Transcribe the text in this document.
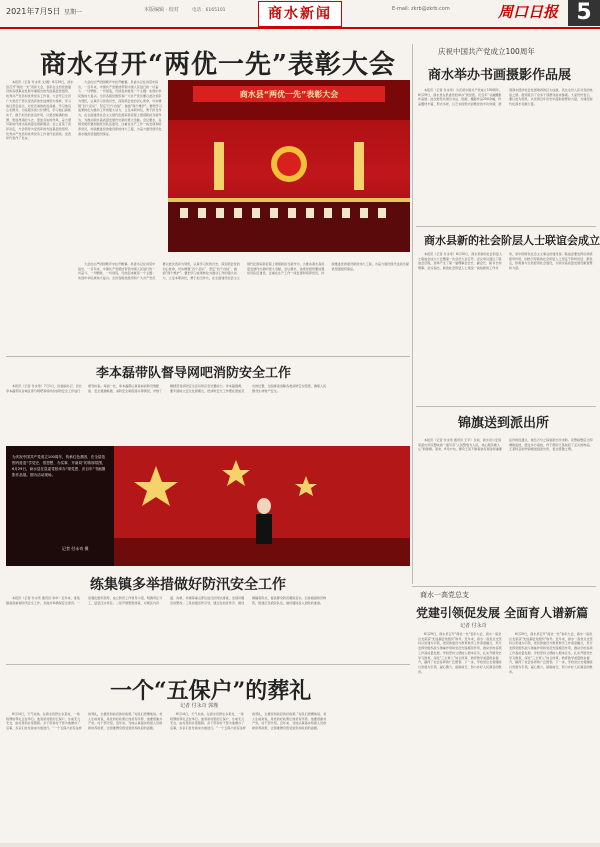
2021年7月5日 星期一	本版编辑 · 校对	电话：6165101	商水新闻	E-mail: zkrb@zkrb.com	周口日报 5
商水召开“两优一先”表彰大会

本报讯（记者 付永奇 文/图）6月29日，商水县召开“两优一先”表彰大会，表彰在全县党的建设和各项事业发展中涌现出的先进基层党组织、优秀共产党员和优秀党务工作者。大会号召全县广大党员干部以受表彰的先进典型为榜样，学习他们坚定信念、对党忠诚的政治品格，学习他们心系群众、为民服务的公仆情怀，学习他们真抓实干、敢于担当的优良作风，以更加饱满的热情、更加昂扬的斗志、更加务实的作风，奋力谱写新时代商水高质量发展新篇章。会上宣读了表彰决定，与会领导为受表彰的先进基层党组织、优秀共产党员和优秀党务工作者代表颁奖。受表彰代表作了发言。

大会在庄严的国歌声中拉开帷幕。县委书记在讲话中指出，一百年来，中国共产党团结带领中国人民进行的一切奋斗、一切牺牲、一切创造，归结起来就是一个主题：实现中华民族伟大复兴。全县各级党组织和广大共产党员要以此次表彰为契机，认真学习党的历史，深刻领会党的初心使命，切实增强“四个意识”、坚定“四个自信”、做到“两个维护”。要把学习成果转化为推动工作的强大动力，立足本职岗位，勇于担当作为，在全面建设社会主义现代化国家新征程上展现新担当新作为，为推动商水高质量发展作出新的更大贡献。会议要求，各级党组织要加强党员队伍建设，注重在生产工作一线发现和培养党员，持续推进党的建设新的伟大工程，为奋力建设现代化商水提供坚强组织保证。

商水县“两优一先”表彰大会

大会在庄严的国歌声中拉开帷幕。县委书记在讲话中指出，一百年来，中国共产党团结带领中国人民进行的一切奋斗、一切牺牲、一切创造，归结起来就是一个主题：实现中华民族伟大复兴。全县各级党组织和广大共产党员要以此次表彰为契机，认真学习党的历史，深刻领会党的初心使命，切实增强“四个意识”、坚定“四个自信”、做到“两个维护”。要把学习成果转化为推动工作的强大动力，立足本职岗位，勇于担当作为，在全面建设社会主义现代化国家新征程上展现新担当新作为，为推动商水高质量发展作出新的更大贡献。会议要求，各级党组织要加强党员队伍建设，注重在生产工作一线发现和培养党员，持续推进党的建设新的伟大工程，为奋力建设现代化商水提供坚强组织保证。

李本磊带队督导网吧消防安全工作

本报讯（记者 付永奇）7月1日，县委副书记、县长李本磊带队对城区部分网吧等场所的消防安全工作进行督导检查。每到一处，李本磊都认真查看消防设施配备、安全通道畅通、消防安全制度落实等情况，详细了解经营者消防安全意识和应急处置能力。李本磊强调，要牢固树立安全发展理念，把消防安全工作摆在更加突出的位置，全面排查消除各类消防安全隐患，确保人民群众生命财产安全。

为庆祝中国共产党成立100周年，传承红色基因，在全县范围内营造“学党史、悟思想、办实事、开新局”的浓厚氛围，6月29日，商水县在县委党校举办“颂党恩、庆百年”书画摄影作品展。图为活动现场。
记者 付永奇 摄
练集镇多举措做好防汛安全工作

本报讯（记者 付永奇 通讯员 李卓）近年来，练集镇高度重视防汛安全工作，多措并举确保安全度汛。一是强化组织领导，成立防汛工作领导小组，明确责任分工，层层压实责任。二是开展隐患排查，对辖区内河道、沟渠、坑塘等重点部位进行拉网式排查，发现问题及时整改。三是加强宣传引导，通过发放宣传页、悬挂横幅等形式，提高群众防汛避险意识。四是储备防汛物资，组建应急抢险队伍，做好随时投入抢险的准备。

一个“五保户”的葬礼
记者 付永奇 郭瑾

6月14日，天气炎热。在商水县舒庄乡某村，一场特殊的葬礼正在举行。逝者是村里的五保户，生前无儿无女，由村里和乡里照顾。乡干部和村干部为他操办了后事，乡亲们自发前来为他送行。“一个五保户能有这样的葬礼，全靠党和政府的好政策。”村民们感慨地说。老人生前常说，是党的好政策让他老有所养，他要感谢共产党。村干部介绍，近年来，当地认真落实特困人员救助供养政策，让困难群众感受到党和政府的温暖。

6月14日，天气炎热。在商水县舒庄乡某村，一场特殊的葬礼正在举行。逝者是村里的五保户，生前无儿无女，由村里和乡里照顾。乡干部和村干部为他操办了后事，乡亲们自发前来为他送行。“一个五保户能有这样的葬礼，全靠党和政府的好政策。”村民们感慨地说。老人生前常说，是党的好政策让他老有所养，他要感谢共产党。村干部介绍，近年来，当地认真落实特困人员救助供养政策，让困难群众感受到党和政府的温暖。

庆祝中国共产党成立100周年
商水举办书画摄影作品展

本报讯（记者 付永奇）为庆祝中国共产党成立100周年，6月29日，商水县在县委党校举办“颂党恩、庆百年”书画摄影作品展。此次展览共展出书法、绘画、摄影作品200余幅，作品题材丰富，形式多样，以艺术的形式讴歌党的丰功伟绩，展现商水经济社会发展取得的巨大成就，表达全县人民对党的热爱之情。展览吸引了众多干部群众前来参观。大家纷纷表示，要以此为契机，从党的百年历史中汲取智慧和力量，为建设现代化商水贡献力量。

商水县新的社会阶层人士联谊会成立

本报讯（记者 付永奇）6月30日，商水县新的社会阶层人士联谊会成立大会暨第一次会员大会召开。会议审议通过了联谊会章程，选举产生了第一届理事会会长、副会长、秘书长和理事。会议指出，新的社会阶层人士是统一战线新的工作对象，是中国特色社会主义事业的建设者。联谊会要发挥好桥梁纽带作用，团结引导新的社会阶层人士坚定不移听党话、跟党走，积极参与全县经济社会建设，为商水高质量发展贡献智慧和力量。

锦旗送到派出所

本报讯（记者 付永奇 通讯员 王平）日前，商水县公安局某派出所民警收到一面写有“人民警察为人民，热心服务暖人心”的锦旗。原来，6月中旬，群众王某不慎将装有现金和重要证件的包遗失，焦急万分之际到派出所求助。民警接警后立即调取监控，经过多方查找，终于帮助王某找回了丢失的物品。王某特意制作锦旗送到派出所，表达感激之情。

商水一高党总支
党建引领促发展 全面育人谱新篇
记者 付永奇

6月29日，商水县召开“两优一先”表彰大会，商水一高党总支荣获“先进基层党组织”称号。近年来，商水一高党总支坚持以党建为引领，把党的建设与教育教学工作深度融合，充分发挥党组织战斗堡垒作用和党员先锋模范作用，推动学校各项工作高质量发展。学校坚持立德树人根本任务，扎实开展党史学习教育，深化“三全育人”综合改革，教育教学质量稳步提升，赢得了社会各界的广泛赞誉。下一步，学校党总支将继续以党建为引领，凝心聚力，砥砺前行，努力办好人民满意的教育。

6月29日，商水县召开“两优一先”表彰大会，商水一高党总支荣获“先进基层党组织”称号。近年来，商水一高党总支坚持以党建为引领，把党的建设与教育教学工作深度融合，充分发挥党组织战斗堡垒作用和党员先锋模范作用，推动学校各项工作高质量发展。学校坚持立德树人根本任务，扎实开展党史学习教育，深化“三全育人”综合改革，教育教学质量稳步提升，赢得了社会各界的广泛赞誉。下一步，学校党总支将继续以党建为引领，凝心聚力，砥砺前行，努力办好人民满意的教育。
